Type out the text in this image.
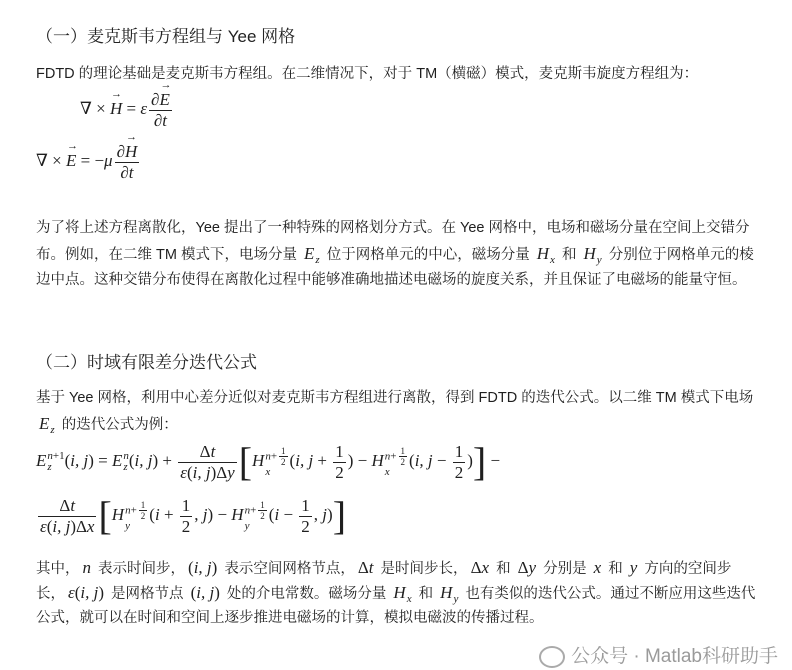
（一）麦克斯韦方程组与 Yee 网格
FDTD 的理论基础是麦克斯韦方程组。在二维情况下，对于 TM（横磁）模式，麦克斯韦旋度方程组为：
∇ × H
→
= ε ∂E
→
∂t
∇ × E
→
= −μ ∂H
→
∂t
为了将上述方程离散化，Yee 提出了一种特殊的网格划分方式。在 Yee 网格中，电场和磁场分量在空间上交错分布。例如，在二维 TM 模式下，电场分量 E
z 位于网格单元的中心，磁场分量 H
x 和 H
y 分别位于网格单元的棱边中点。这种交错分布使得在离散化过程中能够准确地描述电磁场的旋度关系，并且保证了电磁场的能量守恒。
（二）时域有限差分迭代公式
基于 Yee 网格，利用中心差分近似对麦克斯韦方程组进行离散，得到 FDTD 的迭代公式。以二维 TM 模式下电场 E
z 的迭代公式为例：
E n+1
z (i, j) = E n
z (i, $j) + \frac{\Delta t}{\varepsilon(i, j)\Delta y} [H$ $n+ \frac{1}{2}$
x
(i, $j + \frac{1}{2}$ ) − H $n+ \frac{1}{2}$
x
(i, $j - \frac{1}{2}$ )] −
$\frac{\Delta t}{\varepsilon(i, j)\Delta x} [H$ $n+ \frac{1}{2}$
y
($i + \frac{1}{2}$ , j) − H $n+ \frac{1}{2}$
y
($i - \frac{1}{2}$ , j)]
其中， n 表示时间步， (i, j) 表示空间网格节点， Δt 是时间步长， Δx 和 Δy 分别是 x 和 y 方向的空间步长， ε(i, j) 是网格节点 (i, j) 处的介电常数。磁场分量 H
x 和 H
y 也有类似的迭代公式。通过不断应用这些迭代公式，就可以在时间和空间上逐步推进电磁场的计算，模拟电磁波的传播过程。
公众号 · Matlab科研助手
